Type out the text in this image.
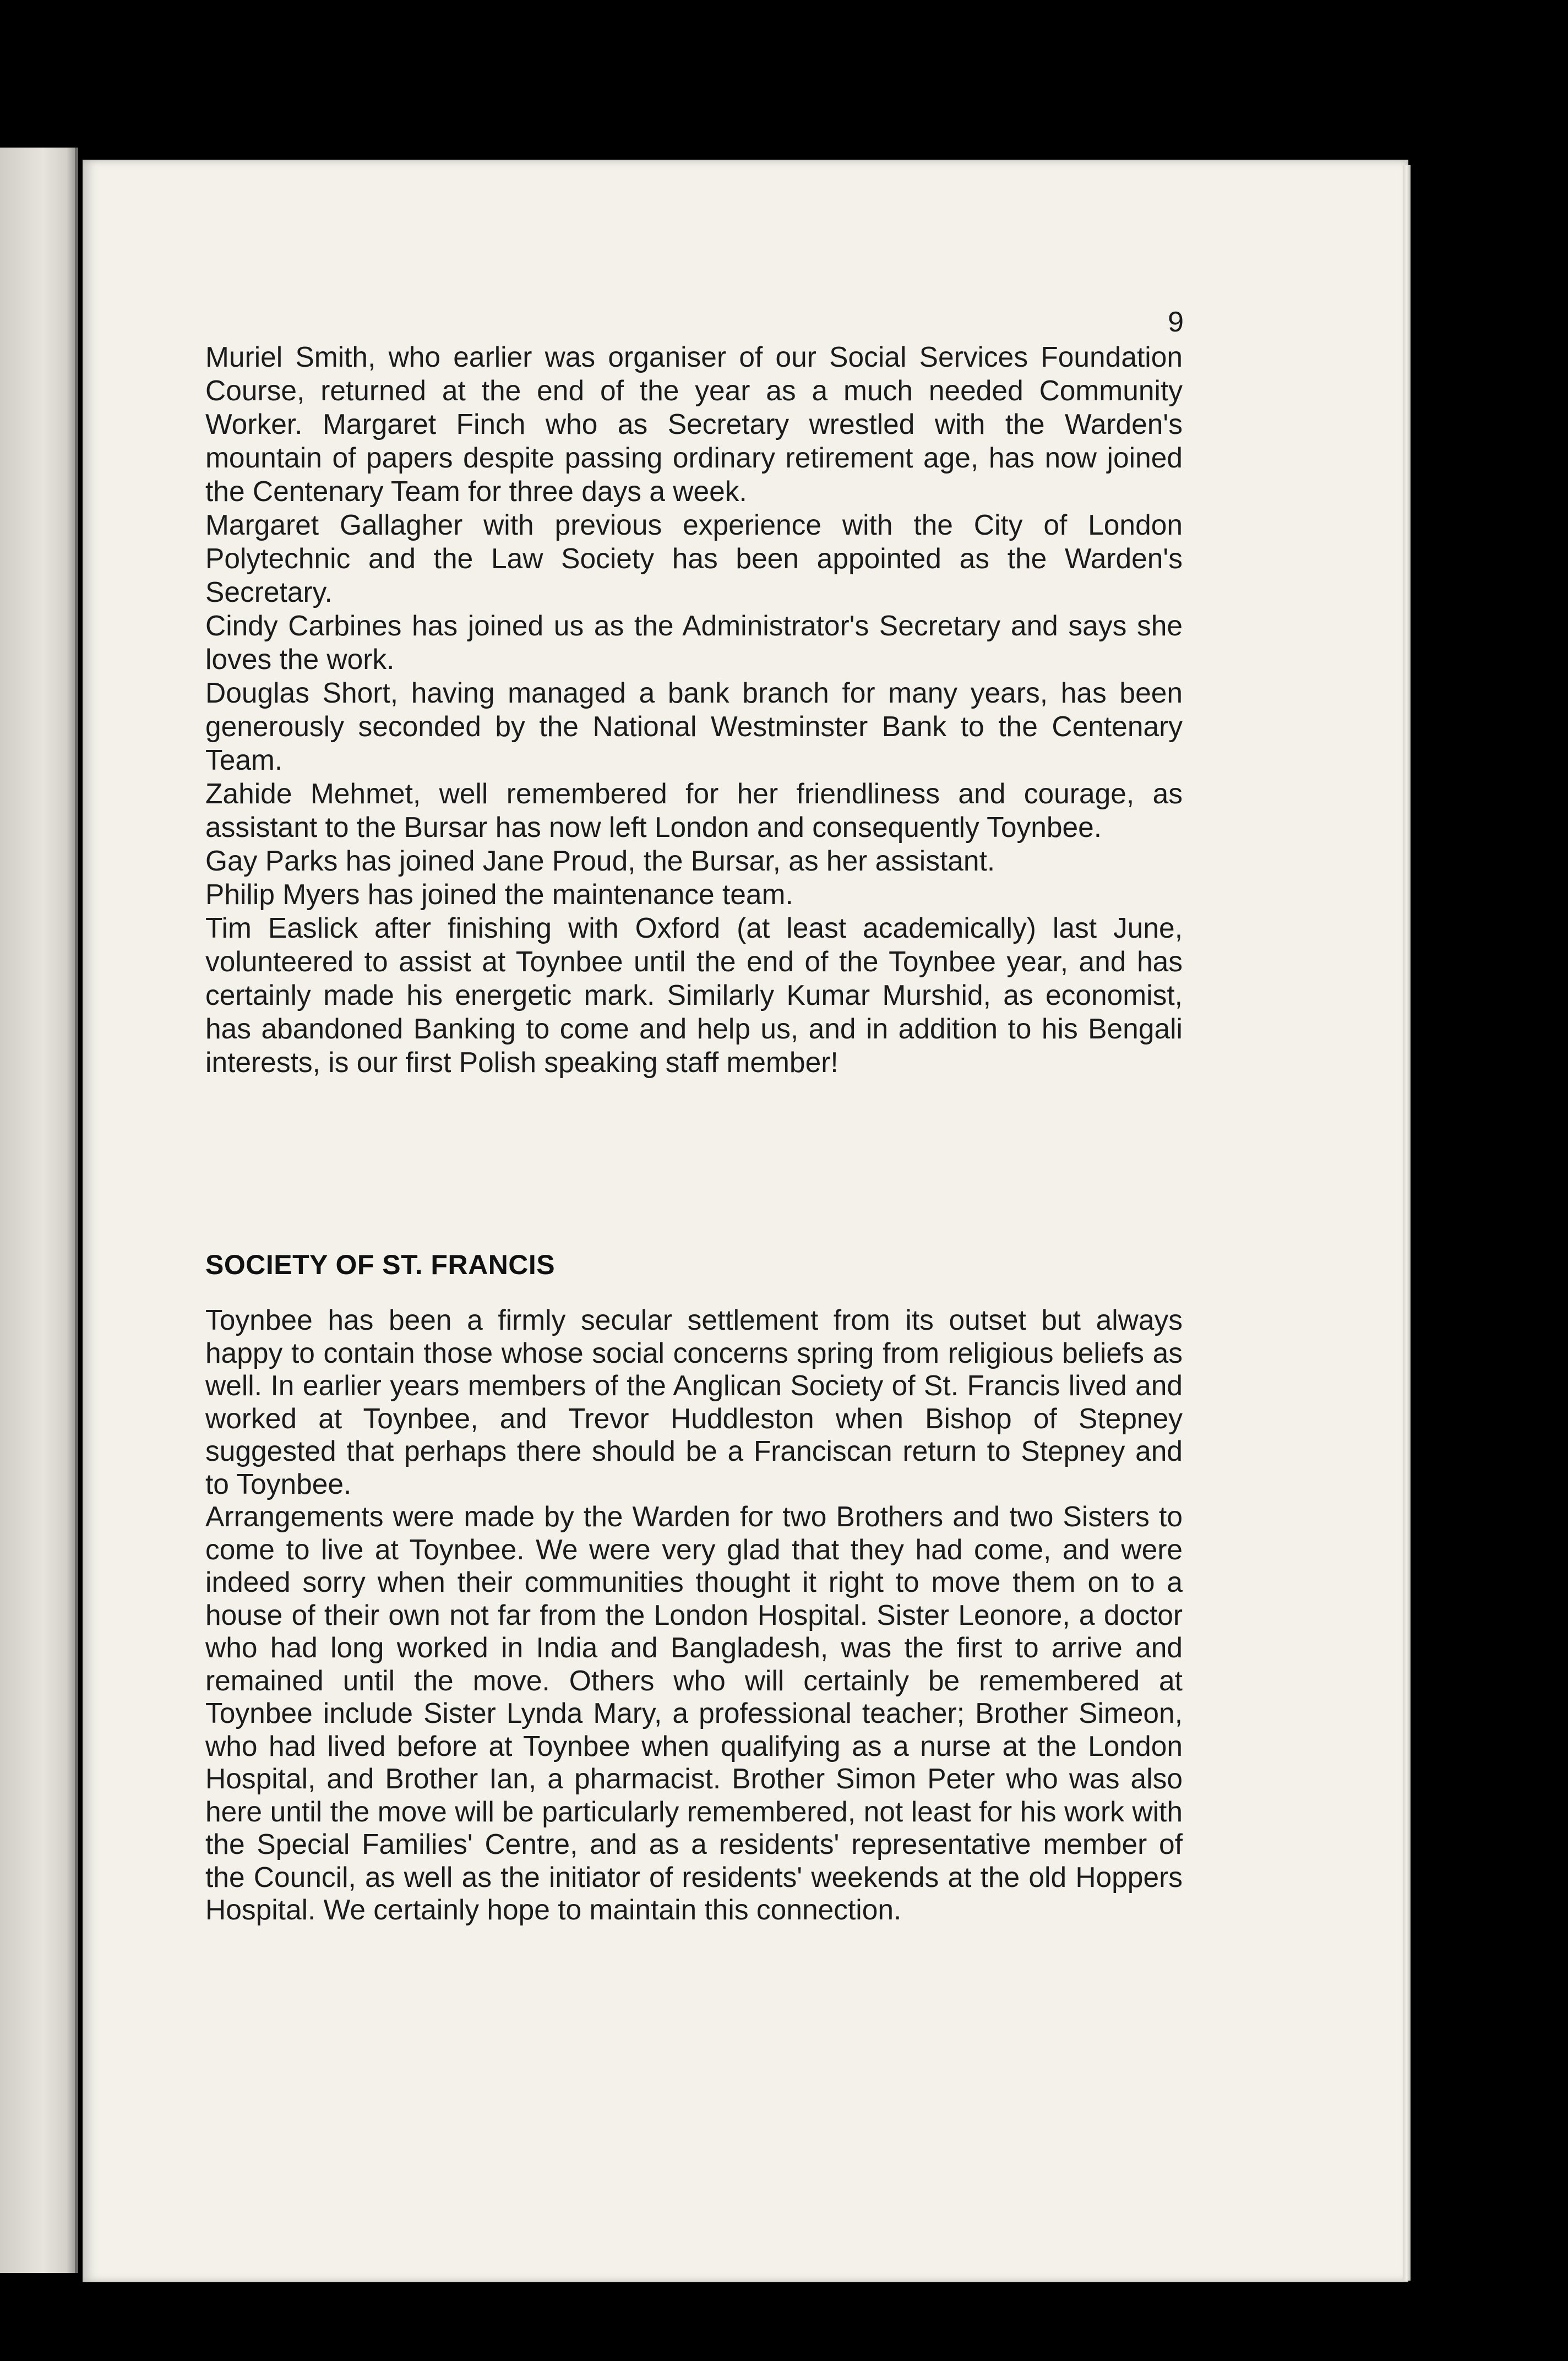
9

Muriel Smith, who earlier was organiser of our Social Services Foundation Course, returned at the end of the year as a much needed Community Worker. Margaret Finch who as Secretary wrestled with the Warden's mountain of papers despite passing ordinary retirement age, has now joined the Centenary Team for three days a week.

Margaret Gallagher with previous experience with the City of London Polytechnic and the Law Society has been appointed as the Warden's Secretary.

Cindy Carbines has joined us as the Administrator's Secretary and says she loves the work.

Douglas Short, having managed a bank branch for many years, has been generously seconded by the National Westminster Bank to the Centenary Team.

Zahide Mehmet, well remembered for her friendliness and courage, as assistant to the Bursar has now left London and consequently Toynbee.

Gay Parks has joined Jane Proud, the Bursar, as her assistant.

Philip Myers has joined the maintenance team.

Tim Easlick after finishing with Oxford (at least academically) last June, volunteered to assist at Toynbee until the end of the Toynbee year, and has certainly made his energetic mark. Similarly Kumar Murshid, as economist, has abandoned Banking to come and help us, and in addition to his Bengali interests, is our first Polish speaking staff member!

SOCIETY OF ST. FRANCIS

Toynbee has been a firmly secular settlement from its outset but always happy to contain those whose social concerns spring from religious beliefs as well. In earlier years members of the Anglican Society of St. Francis lived and worked at Toynbee, and Trevor Huddleston when Bishop of Stepney suggested that perhaps there should be a Franciscan return to Stepney and to Toynbee.

Arrangements were made by the Warden for two Brothers and two Sisters to come to live at Toynbee. We were very glad that they had come, and were indeed sorry when their communities thought it right to move them on to a house of their own not far from the London Hospital. Sister Leonore, a doctor who had long worked in India and Bangladesh, was the first to arrive and remained until the move. Others who will certainly be remembered at Toynbee include Sister Lynda Mary, a professional teacher; Brother Simeon, who had lived before at Toynbee when qualifying as a nurse at the London Hospital, and Brother Ian, a pharmacist. Brother Simon Peter who was also here until the move will be particularly remembered, not least for his work with the Special Families' Centre, and as a residents' representative member of the Council, as well as the initiator of residents' weekends at the old Hoppers Hospital. We certainly hope to maintain this connection.
